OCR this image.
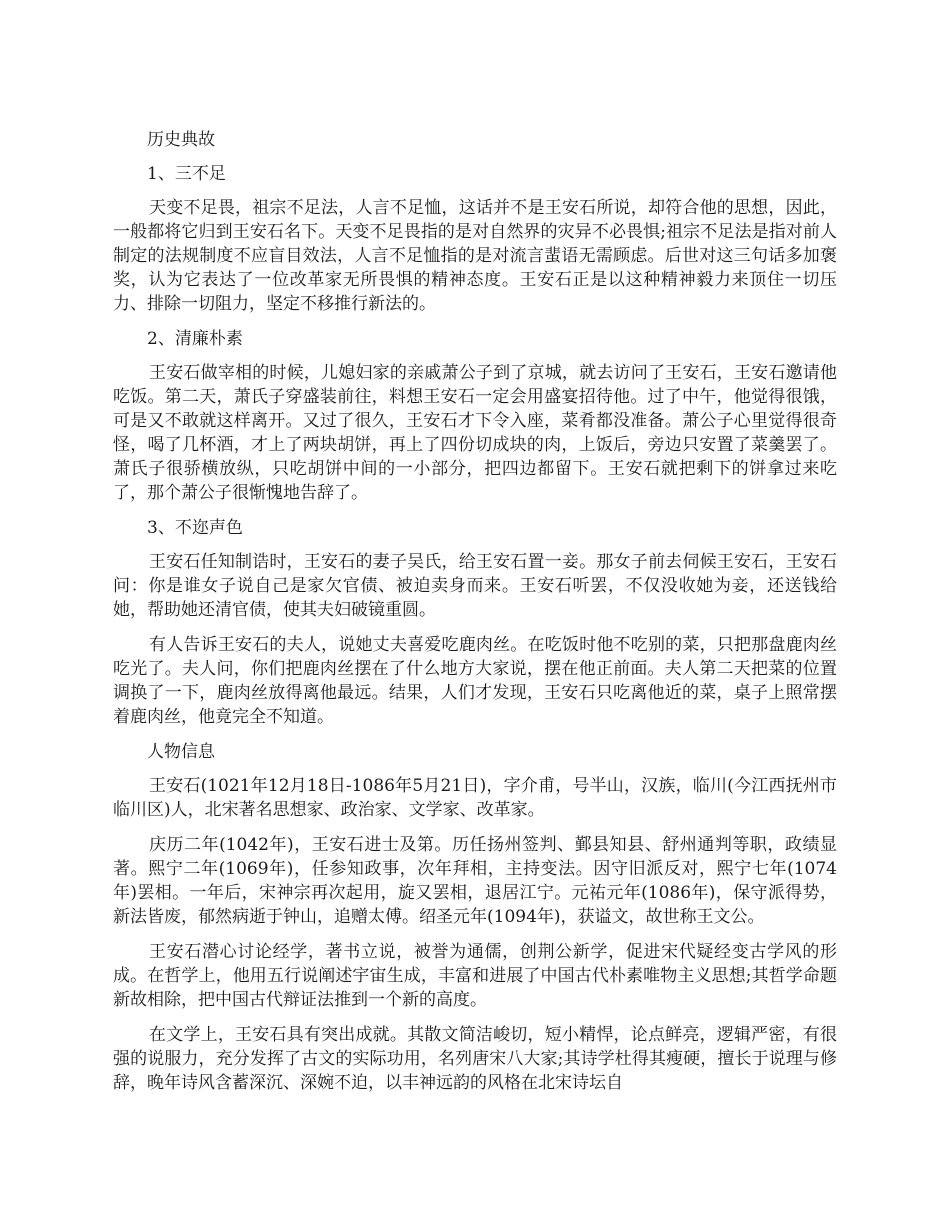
历史典故
1、三不足
天变不足畏，祖宗不足法，人言不足恤，这话并不是王安石所说，却符合他的思想，因此，一般都将它归到王安石名下。天变不足畏指的是对自然界的灾异不必畏惧;祖宗不足法是指对前人制定的法规制度不应盲目效法，人言不足恤指的是对流言蜚语无需顾虑。后世对这三句话多加褒奖，认为它表达了一位改革家无所畏惧的精神态度。王安石正是以这种精神毅力来顶住一切压力、排除一切阻力，坚定不移推行新法的。
2、清廉朴素
王安石做宰相的时候，儿媳妇家的亲戚萧公子到了京城，就去访问了王安石，王安石邀请他吃饭。第二天，萧氏子穿盛装前往，料想王安石一定会用盛宴招待他。过了中午，他觉得很饿，可是又不敢就这样离开。又过了很久，王安石才下令入座，菜肴都没准备。萧公子心里觉得很奇怪，喝了几杯酒，才上了两块胡饼，再上了四份切成块的肉，上饭后，旁边只安置了菜羹罢了。萧氏子很骄横放纵，只吃胡饼中间的一小部分，把四边都留下。王安石就把剩下的饼拿过来吃了，那个萧公子很惭愧地告辞了。
3、不迩声色
王安石任知制诰时，王安石的妻子吴氏，给王安石置一妾。那女子前去伺候王安石，王安石问：你是谁女子说自己是家欠官债、被迫卖身而来。王安石听罢，不仅没收她为妾，还送钱给她，帮助她还清官债，使其夫妇破镜重圆。
有人告诉王安石的夫人，说她丈夫喜爱吃鹿肉丝。在吃饭时他不吃别的菜，只把那盘鹿肉丝吃光了。夫人问，你们把鹿肉丝摆在了什么地方大家说，摆在他正前面。夫人第二天把菜的位置调换了一下，鹿肉丝放得离他最远。结果，人们才发现，王安石只吃离他近的菜，桌子上照常摆着鹿肉丝，他竟完全不知道。
人物信息
王安石(1021年12月18日-1086年5月21日)，字介甫，号半山，汉族，临川(今江西抚州市临川区)人，北宋著名思想家、政治家、文学家、改革家。
庆历二年(1042年)，王安石进士及第。历任扬州签判、鄞县知县、舒州通判等职，政绩显著。熙宁二年(1069年)，任参知政事，次年拜相，主持变法。因守旧派反对，熙宁七年(1074年)罢相。一年后，宋神宗再次起用，旋又罢相，退居江宁。元祐元年(1086年)，保守派得势，新法皆废，郁然病逝于钟山，追赠太傅。绍圣元年(1094年)，获谥文，故世称王文公。
王安石潜心讨论经学，著书立说，被誉为通儒，创荆公新学，促进宋代疑经变古学风的形成。在哲学上，他用五行说阐述宇宙生成，丰富和进展了中国古代朴素唯物主义思想;其哲学命题新故相除，把中国古代辩证法推到一个新的高度。
在文学上，王安石具有突出成就。其散文简洁峻切，短小精悍，论点鲜亮，逻辑严密，有很强的说服力，充分发挥了古文的实际功用，名列唐宋八大家;其诗学杜得其瘦硬，擅长于说理与修辞，晚年诗风含蓄深沉、深婉不迫，以丰神远韵的风格在北宋诗坛自
